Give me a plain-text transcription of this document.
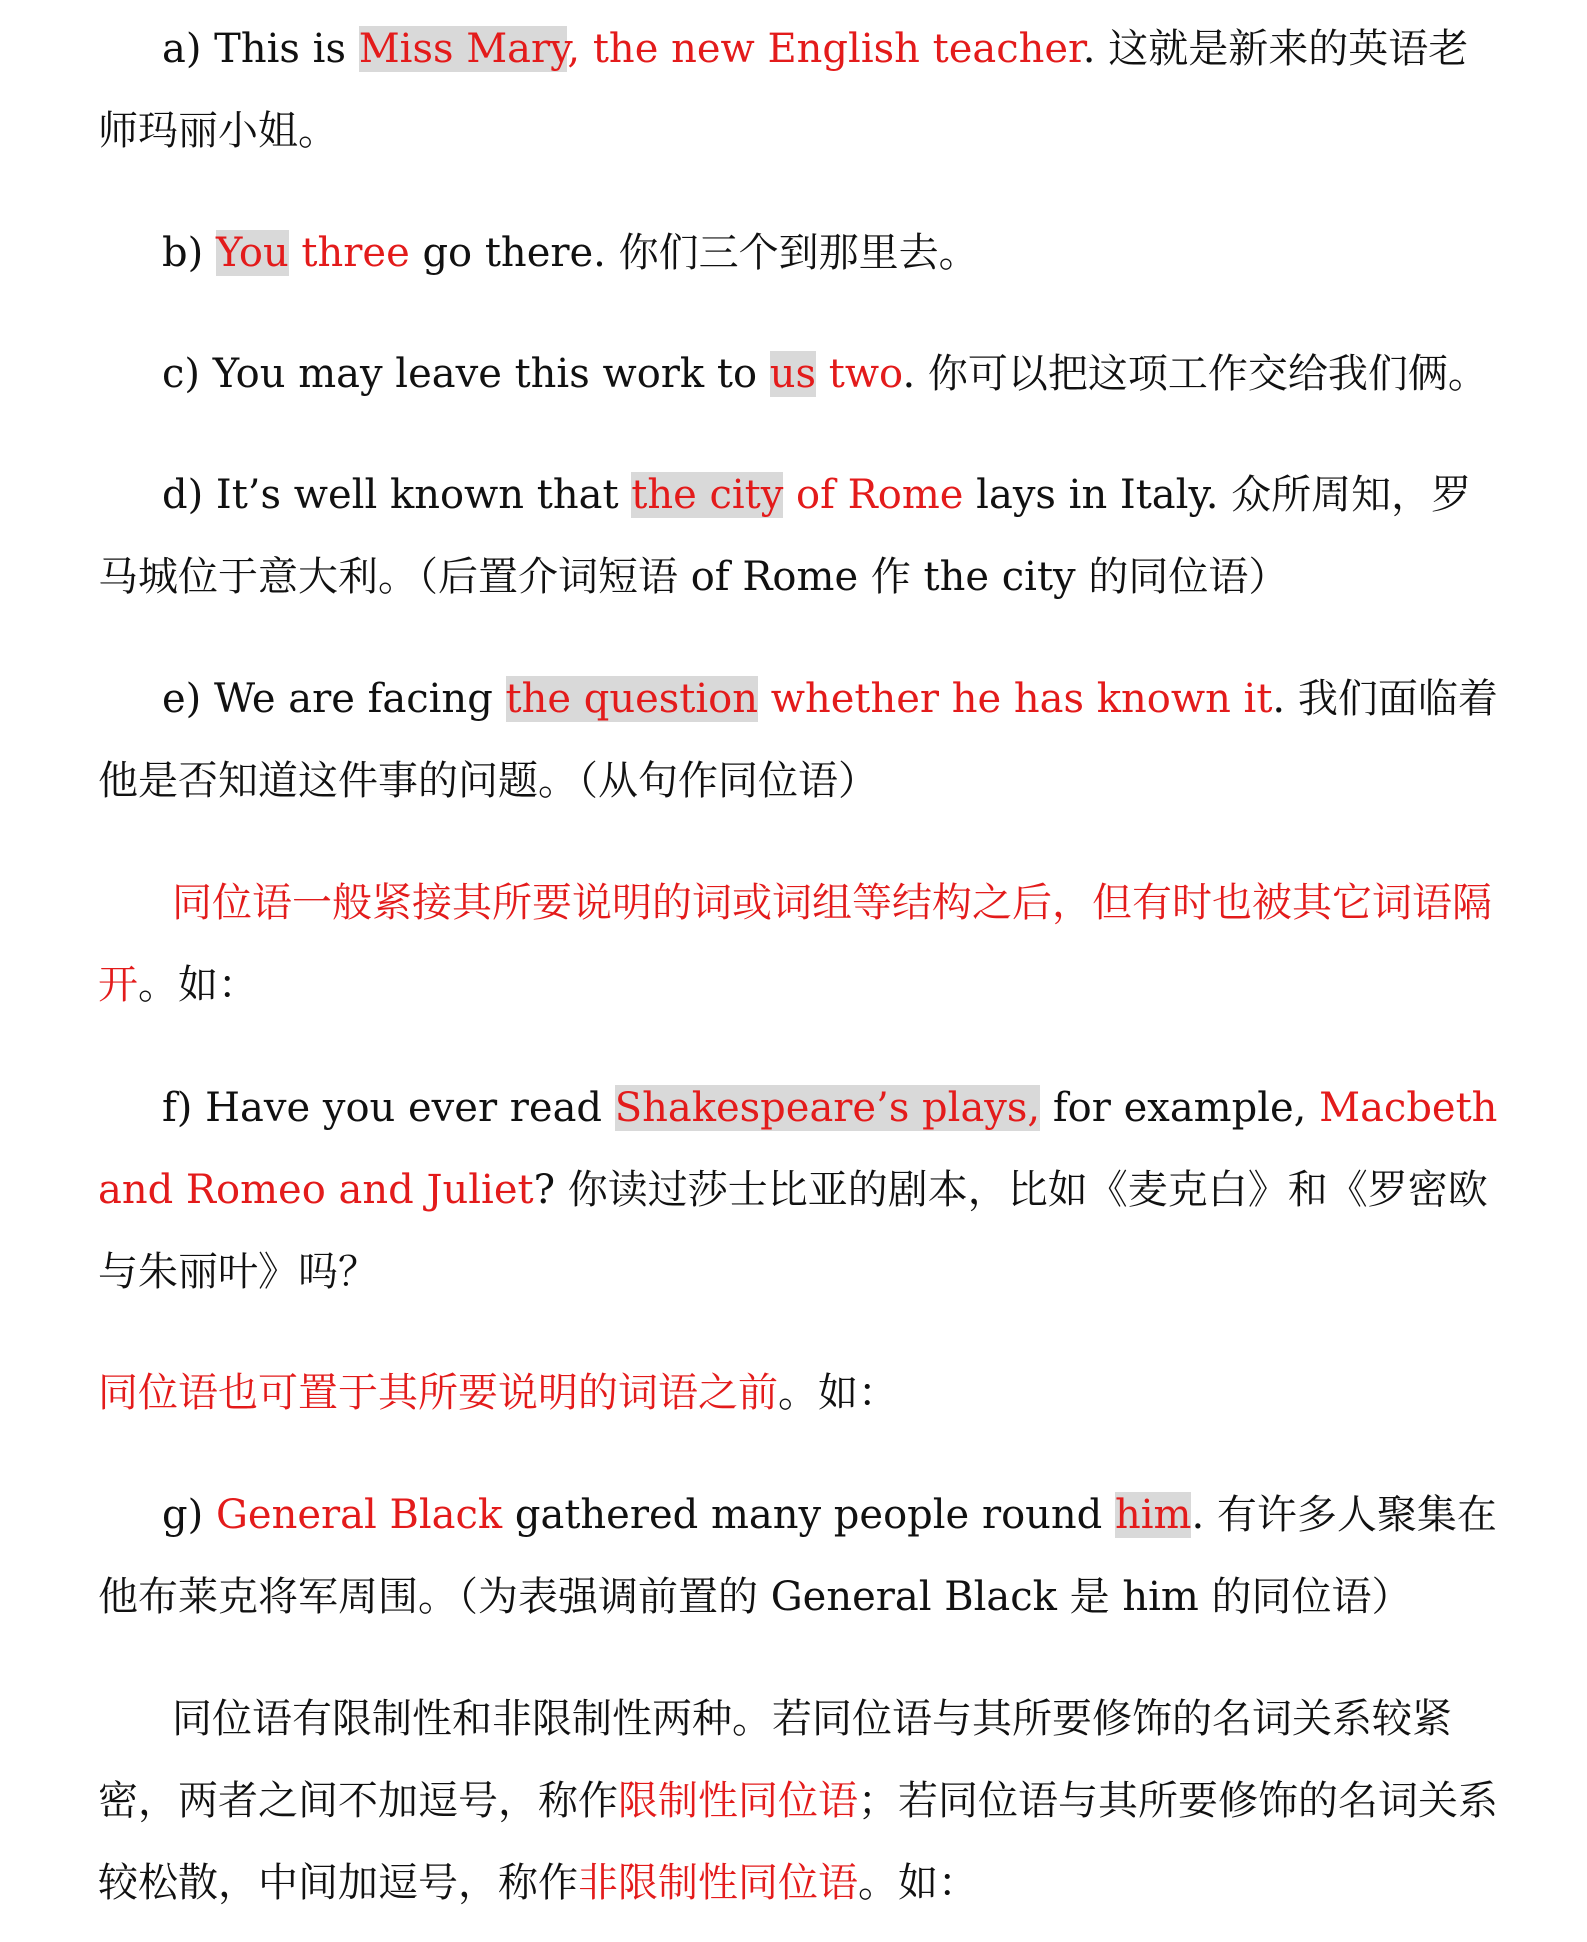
a) This is Miss Mary, the new English teacher. 这就是新来的英语老师玛丽小姐。

b) You three go there. 你们三个到那里去。

c) You may leave this work to us two. 你可以把这项工作交给我们俩。

d) It’s well known that the city of Rome lays in Italy. 众所周知，罗马城位于意大利。（后置介词短语 of Rome 作 the city 的同位语）

e) We are facing the question whether he has known it. 我们面临着他是否知道这件事的问题。（从句作同位语）

同位语一般紧接其所要说明的词或词组等结构之后，但有时也被其它词语隔开。如：

f) Have you ever read Shakespeare’s plays, for example, Macbeth and Romeo and Juliet? 你读过莎士比亚的剧本，比如《麦克白》和《罗密欧与朱丽叶》吗？

同位语也可置于其所要说明的词语之前。如：

g) General Black gathered many people round him. 有许多人聚集在他布莱克将军周围。（为表强调前置的 General Black 是 him 的同位语）

同位语有限制性和非限制性两种。若同位语与其所要修饰的名词关系较紧密，两者之间不加逗号，称作限制性同位语；若同位语与其所要修饰的名词关系较松散，中间加逗号，称作非限制性同位语。如：
